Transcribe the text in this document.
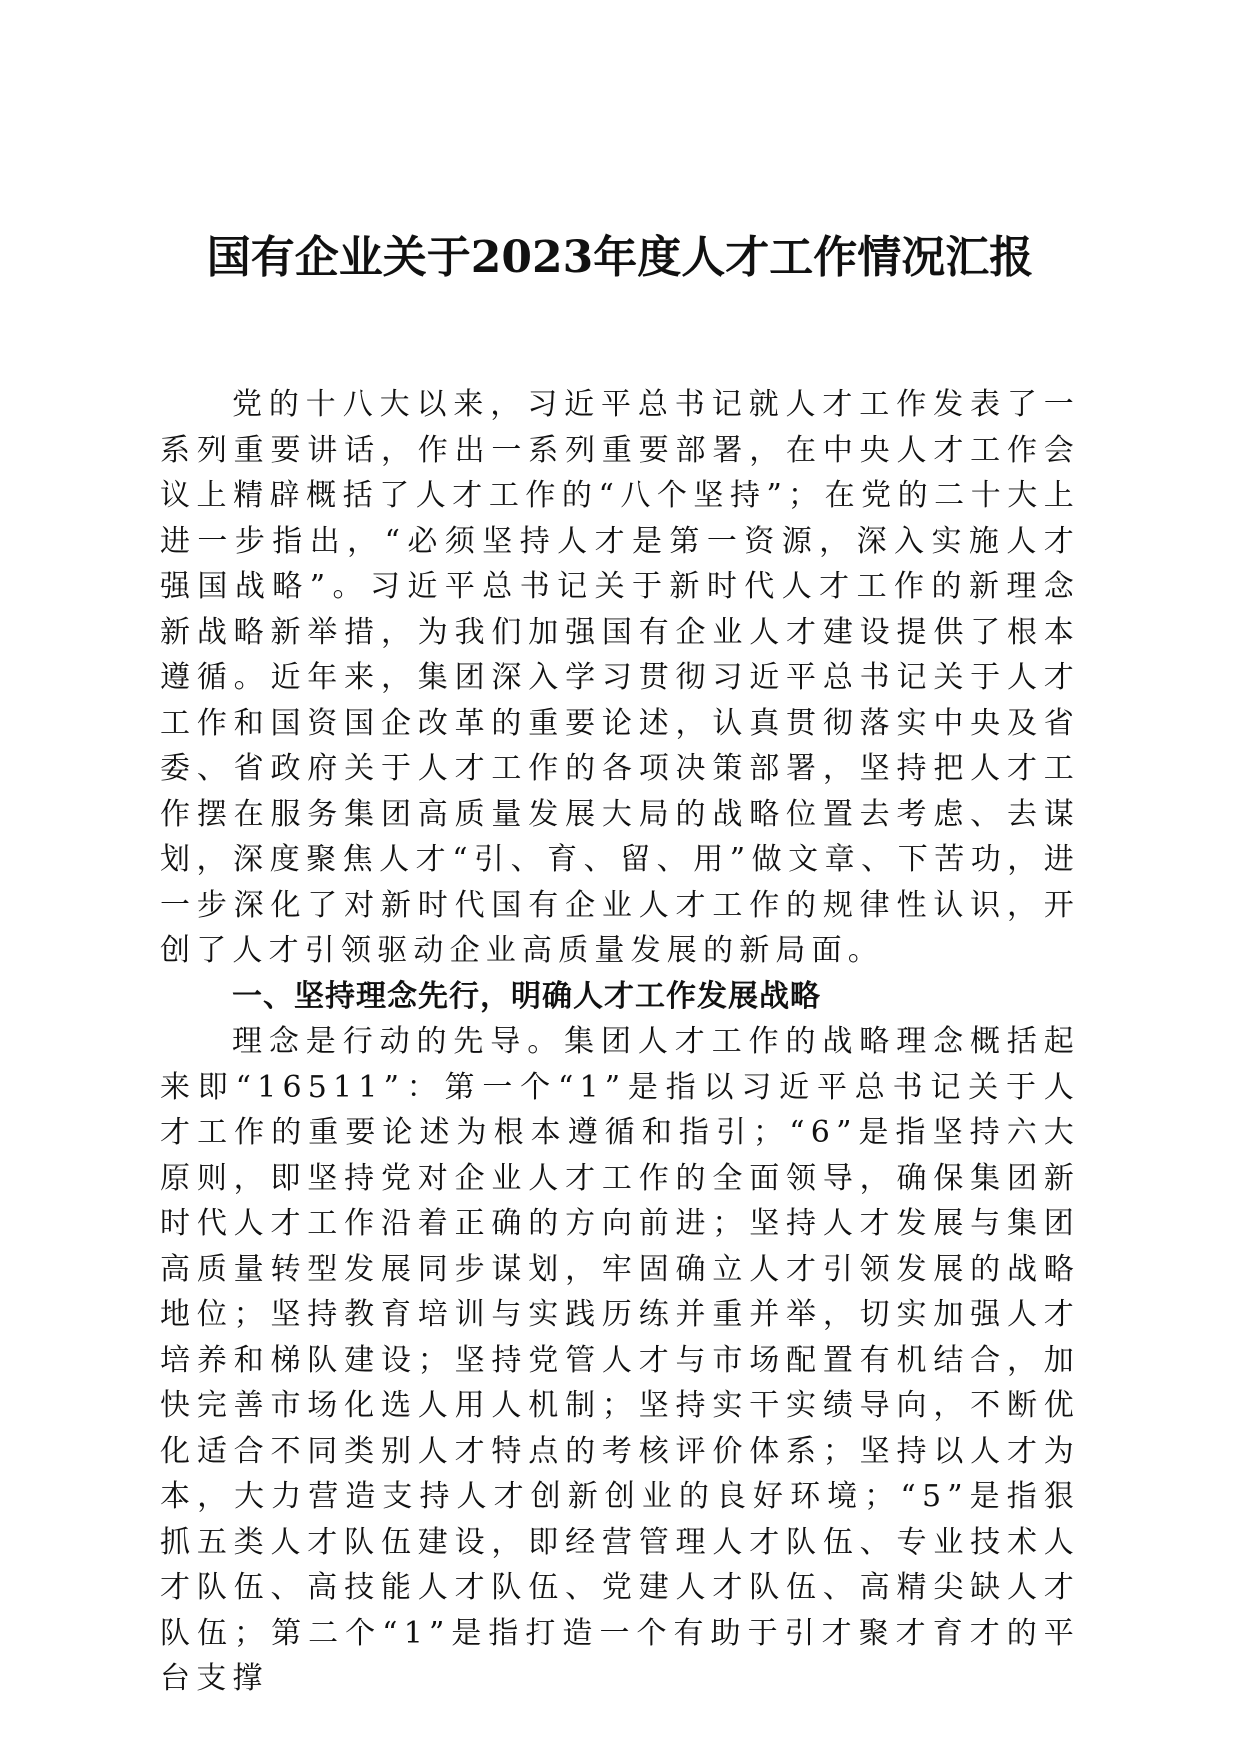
国有企业关于2023年度人才工作情况汇报

党的十八大以来，习近平总书记就人才工作发表了一系列重要讲话，作出一系列重要部署，在中央人才工作会议上精辟概括了人才工作的“八个坚持”；在党的二十大上进一步指出，“必须坚持人才是第一资源，深入实施人才强国战略”。习近平总书记关于新时代人才工作的新理念新战略新举措，为我们加强国有企业人才建设提供了根本遵循。近年来，集团深入学习贯彻习近平总书记关于人才工作和国资国企改革的重要论述，认真贯彻落实中央及省委、省政府关于人才工作的各项决策部署，坚持把人才工作摆在服务集团高质量发展大局的战略位置去考虑、去谋划，深度聚焦人才“引、育、留、用”做文章、下苦功，进一步深化了对新时代国有企业人才工作的规律性认识，开创了人才引领驱动企业高质量发展的新局面。

一、坚持理念先行，明确人才工作发展战略

理念是行动的先导。集团人才工作的战略理念概括起来即“16511”：第一个“1”是指以习近平总书记关于人才工作的重要论述为根本遵循和指引；“6”是指坚持六大原则，即坚持党对企业人才工作的全面领导，确保集团新时代人才工作沿着正确的方向前进；坚持人才发展与集团高质量转型发展同步谋划，牢固确立人才引领发展的战略地位；坚持教育培训与实践历练并重并举，切实加强人才培养和梯队建设；坚持党管人才与市场配置有机结合，加快完善市场化选人用人机制；坚持实干实绩导向，不断优化适合不同类别人才特点的考核评价体系；坚持以人才为本，大力营造支持人才创新创业的良好环境；“5”是指狠抓五类人才队伍建设，即经营管理人才队伍、专业技术人才队伍、高技能人才队伍、党建人才队伍、高精尖缺人才队伍；第二个“1”是指打造一个有助于引才聚才育才的平台支撑
